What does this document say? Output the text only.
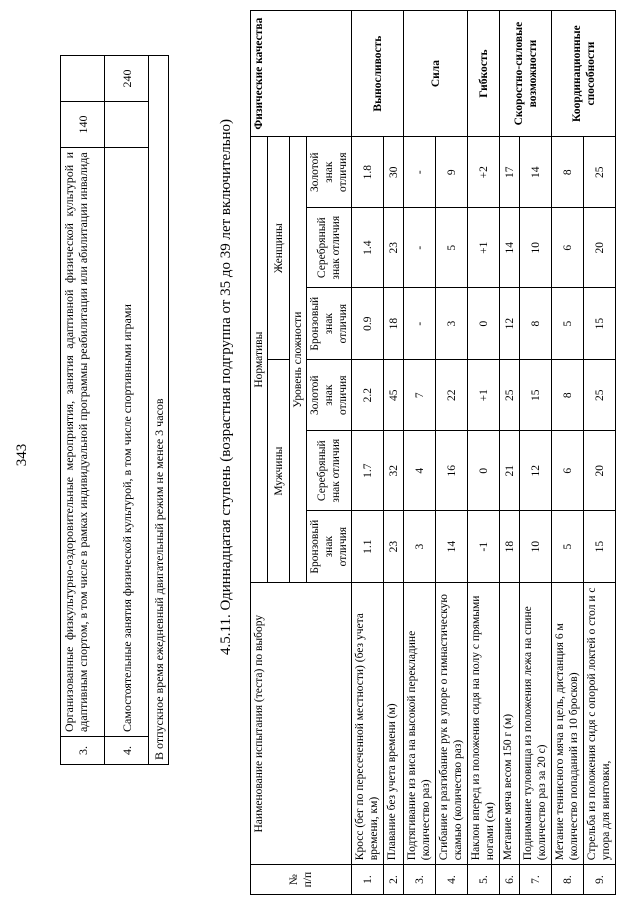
343
3.	Организованные физкультурно-оздоровительные мероприятия, занятия адаптивной физической культурой и адаптивным спортом, в том числе в рамках индивидуальной программы реабилитации или абилитации инвалида	140	
4.	Самостоятельные занятия физической культурой, в том числе спортивными играми		240
В отпускное время ежедневный двигательный режим не менее 3 часов				4.5.11. Одиннадцатая ступень (возрастная подгруппа от 35 до 39 лет включительно)
№ п/п	Наименование испытания (теста) по выбору	Нормативы						Физические качества
		Мужчины			Женщины			
		Уровень сложности						
		Бронзовый знак отличия	Серебряный знак отличия	Золотой знак отличия	Бронзовый знак отличия	Серебряный знак отличия	Золотой знак отличия	
1.	Кросс (бег по пересеченной местности) (без учета времени, км)	1.1	1.7	2.2	0.9	1.4	1.8	Выносливость
2.	Плавание без учета времени (м)	23	32	45	18	23	30	
3.	Подтягивание из виса на высокой перекладине (количество раз)	3	4	7	-	-	-	Сила
4.	Сгибание и разгибание рук в упоре о гимнастическую скамью (количество раз)	14	16	22	3	5	9	
5.	Наклон вперед из положения сидя на полу с прямыми ногами (см)	-1	0	+1	0	+1	+2	Гибкость
6.	Метание мяча весом 150 г (м)	18	21	25	12	14	17	Скоростно-силовые возможности
7.	Поднимание туловища из положения лежа на спине (количество раз за 20 с)	10	12	15	8	10	14	
8.	Метание теннисного мяча в цель, дистанция 6 м (количество попаданий из 10 бросков)	5	6	8	5	6	8	Координационные способности
9.	Стрельба из положения сидя с опорой локтей о стол и с упора для винтовки,	15	20	25	15	20	25	
